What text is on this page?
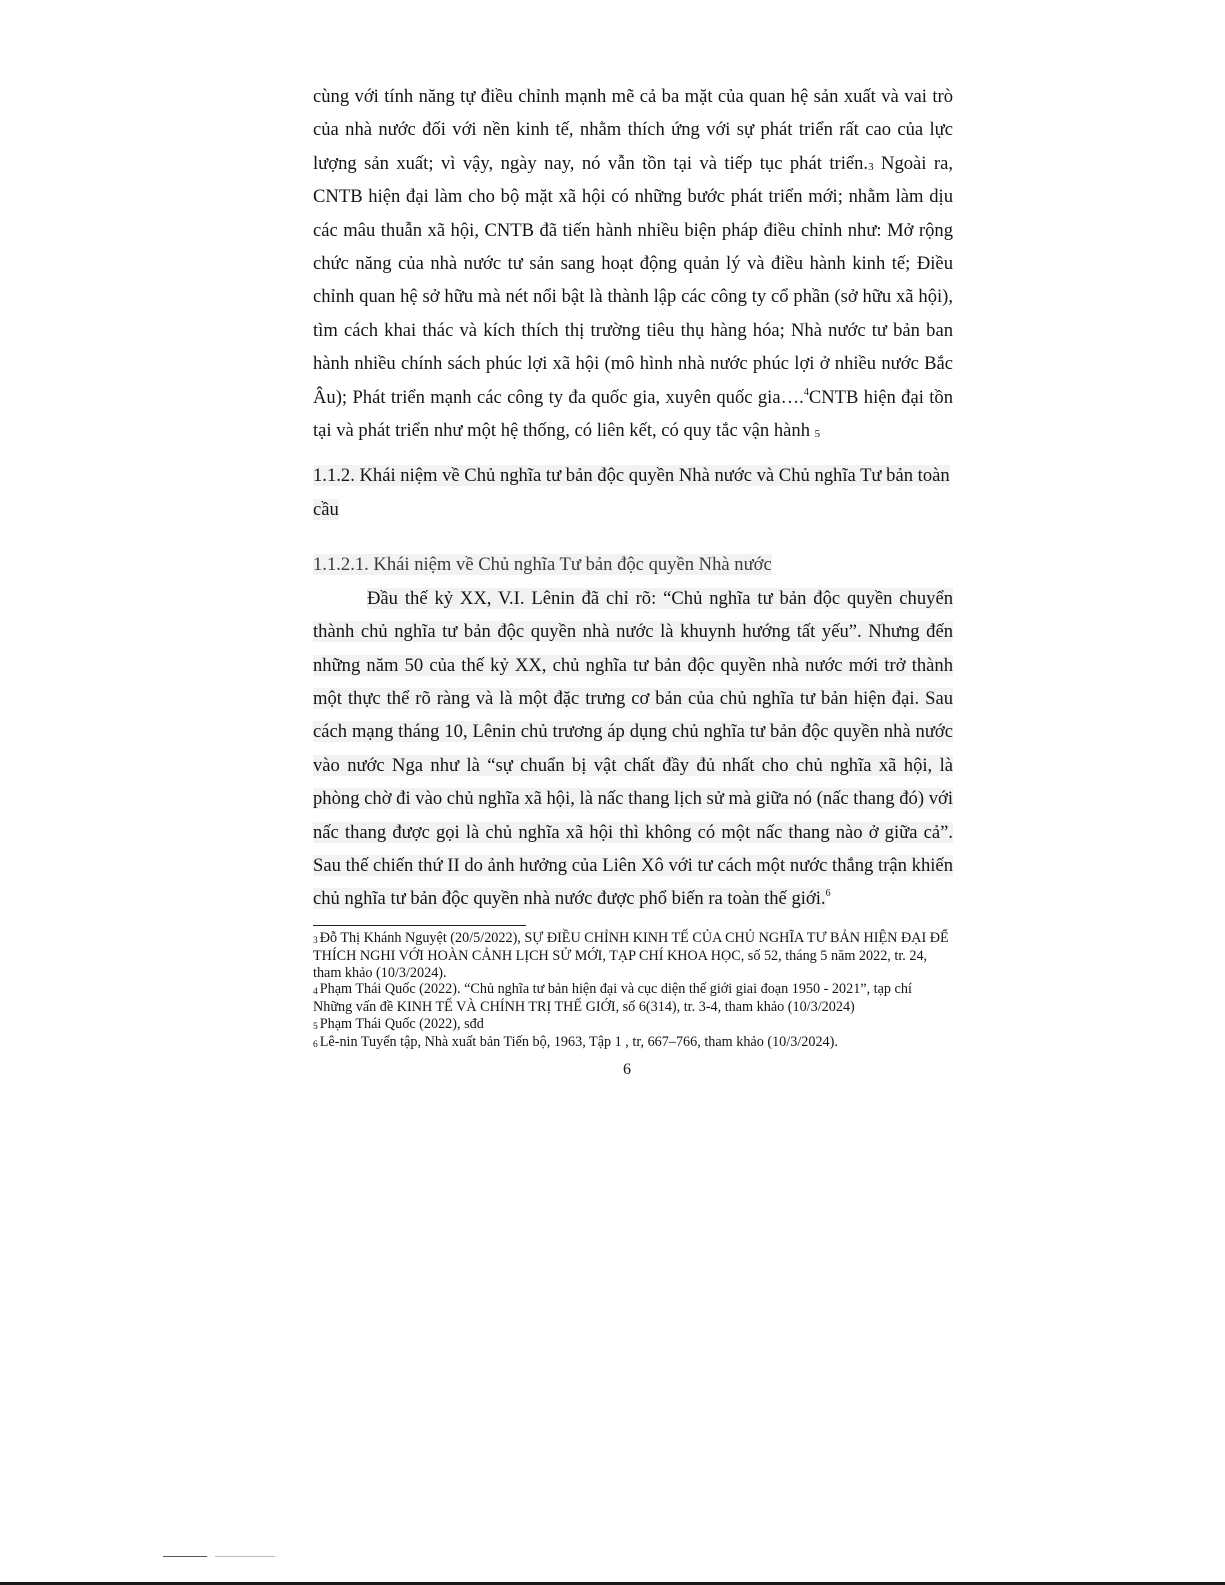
cùng với tính năng tự điều chỉnh mạnh mẽ cả ba mặt của quan hệ sản xuất và vai trò của nhà nước đối với nền kinh tế, nhằm thích ứng với sự phát triển rất cao của lực lượng sản xuất; vì vậy, ngày nay, nó vẫn tồn tại và tiếp tục phát triển.3 Ngoài ra, CNTB hiện đại làm cho bộ mặt xã hội có những bước phát triển mới; nhằm làm dịu các mâu thuẫn xã hội, CNTB đã tiến hành nhiều biện pháp điều chỉnh như: Mở rộng chức năng của nhà nước tư sản sang hoạt động quản lý và điều hành kinh tế; Điều chỉnh quan hệ sở hữu mà nét nổi bật là thành lập các công ty cổ phần (sở hữu xã hội), tìm cách khai thác và kích thích thị trường tiêu thụ hàng hóa; Nhà nước tư bản ban hành nhiều chính sách phúc lợi xã hội (mô hình nhà nước phúc lợi ở nhiều nước Bắc Âu); Phát triển mạnh các công ty đa quốc gia, xuyên quốc gia….$^4$CNTB hiện đại tồn tại và phát triển như một hệ thống, có liên kết, có quy tắc vận hành 5

1.1.2. Khái niệm về Chủ nghĩa tư bản độc quyền Nhà nước và Chủ nghĩa Tư bản toàn cầu

1.1.2.1. Khái niệm về Chủ nghĩa Tư bản độc quyền Nhà nước

Đầu thế kỷ XX, V.I. Lênin đã chỉ rõ: “Chủ nghĩa tư bản độc quyền chuyển thành chủ nghĩa tư bản độc quyền nhà nước là khuynh hướng tất yếu”. Nhưng đến những năm 50 của thế kỷ XX, chủ nghĩa tư bản độc quyền nhà nước mới trở thành một thực thể rõ ràng và là một đặc trưng cơ bản của chủ nghĩa tư bản hiện đại. Sau cách mạng tháng 10, Lênin chủ trương áp dụng chủ nghĩa tư bản độc quyền nhà nước vào nước Nga như là “sự chuẩn bị vật chất đầy đủ nhất cho chủ nghĩa xã hội, là phòng chờ đi vào chủ nghĩa xã hội, là nấc thang lịch sử mà giữa nó (nấc thang đó) với nấc thang được gọi là chủ nghĩa xã hội thì không có một nấc thang nào ở giữa cả”. Sau thế chiến thứ II do ảnh hưởng của Liên Xô với tư cách một nước thắng trận khiến chủ nghĩa tư bản độc quyền nhà nước được phổ biến ra toàn thế giới.$^6$

3 Đỗ Thị Khánh Nguyệt (20/5/2022), SỰ ĐIỀU CHỈNH KINH TẾ CỦA CHỦ NGHĨA TƯ BẢN HIỆN ĐẠI ĐỂ THÍCH NGHI VỚI HOÀN CẢNH LỊCH SỬ MỚI, TẠP CHÍ KHOA HỌC, số 52, tháng 5 năm 2022, tr. 24, tham khảo (10/3/2024).

4 Phạm Thái Quốc (2022). “Chủ nghĩa tư bản hiện đại và cục diện thế giới giai đoạn 1950 - 2021”, tạp chí Những vấn đề KINH TẾ VÀ CHÍNH TRỊ THẾ GIỚI, số 6(314), tr. 3-4, tham khảo (10/3/2024)

5 Phạm Thái Quốc (2022), sđd

6 Lê-nin Tuyển tập, Nhà xuất bản Tiến bộ, 1963, Tập 1 , tr, 667–766, tham khảo (10/3/2024).

6
